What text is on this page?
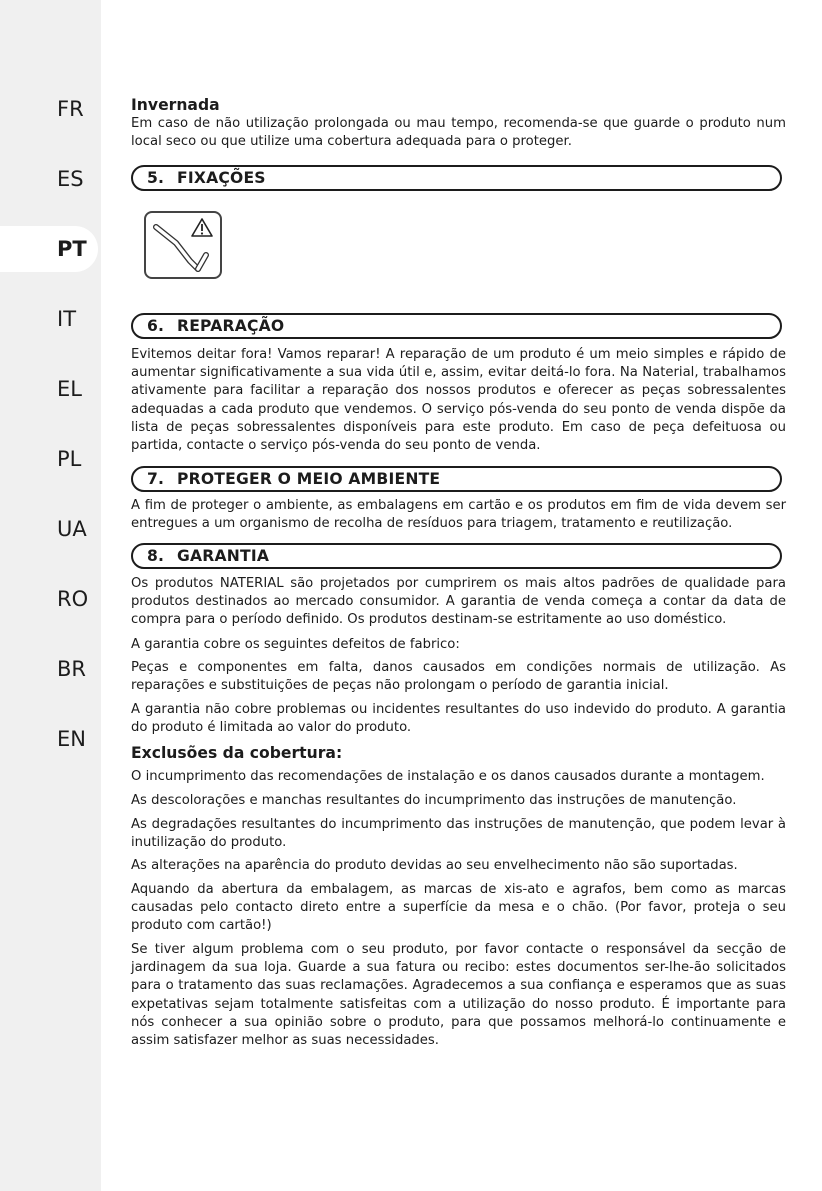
FR
ES
PT
IT
EL
PL
UA
RO
BR
EN
Invernada

Em caso de não utilização prolongada ou mau tempo, recomenda-se que guarde o produto num local seco ou que utilize uma cobertura adequada para o proteger.

5. FIXAÇÕES
6. REPARAÇÃO

Evitemos deitar fora! Vamos reparar! A reparação de um produto é um meio simples e rápido de aumentar significativamente a sua vida útil e, assim, evitar deitá-lo fora. Na Naterial, trabalhamos ativamente para facilitar a reparação dos nossos produtos e oferecer as peças sobressalentes adequadas a cada produto que vendemos. O serviço pós-venda do seu ponto de venda dispõe da lista de peças sobressalentes disponíveis para este produto. Em caso de peça defeituosa ou partida, contacte o serviço pós-venda do seu ponto de venda.

7. PROTEGER O MEIO AMBIENTE

A fim de proteger o ambiente, as embalagens em cartão e os produtos em fim de vida devem ser entregues a um organismo de recolha de resíduos para triagem, tratamento e reutilização.

8. GARANTIA

Os produtos NATERIAL são projetados por cumprirem os mais altos padrões de qualidade para produtos destinados ao mercado consumidor. A garantia de venda começa a contar da data de compra para o período definido. Os produtos destinam-se estritamente ao uso doméstico.

A garantia cobre os seguintes defeitos de fabrico:

Peças e componentes em falta, danos causados em condições normais de utilização. As reparações e substituições de peças não prolongam o período de garantia inicial.

A garantia não cobre problemas ou incidentes resultantes do uso indevido do produto. A garantia do produto é limitada ao valor do produto.

Exclusões da cobertura:

O incumprimento das recomendações de instalação e os danos causados durante a montagem.

As descolorações e manchas resultantes do incumprimento das instruções de manutenção.

As degradações resultantes do incumprimento das instruções de manutenção, que podem levar à inutilização do produto.

As alterações na aparência do produto devidas ao seu envelhecimento não são suportadas.

Aquando da abertura da embalagem, as marcas de xis-ato e agrafos, bem como as marcas causadas pelo contacto direto entre a superfície da mesa e o chão. (Por favor, proteja o seu produto com cartão!)

Se tiver algum problema com o seu produto, por favor contacte o responsável da secção de jardinagem da sua loja. Guarde a sua fatura ou recibo: estes documentos ser-lhe-ão solicitados para o tratamento das suas reclamações. Agradecemos a sua confiança e esperamos que as suas expetativas sejam totalmente satisfeitas com a utilização do nosso produto. É importante para nós conhecer a sua opinião sobre o produto, para que possamos melhorá-lo continuamente e assim satisfazer melhor as suas necessidades.
